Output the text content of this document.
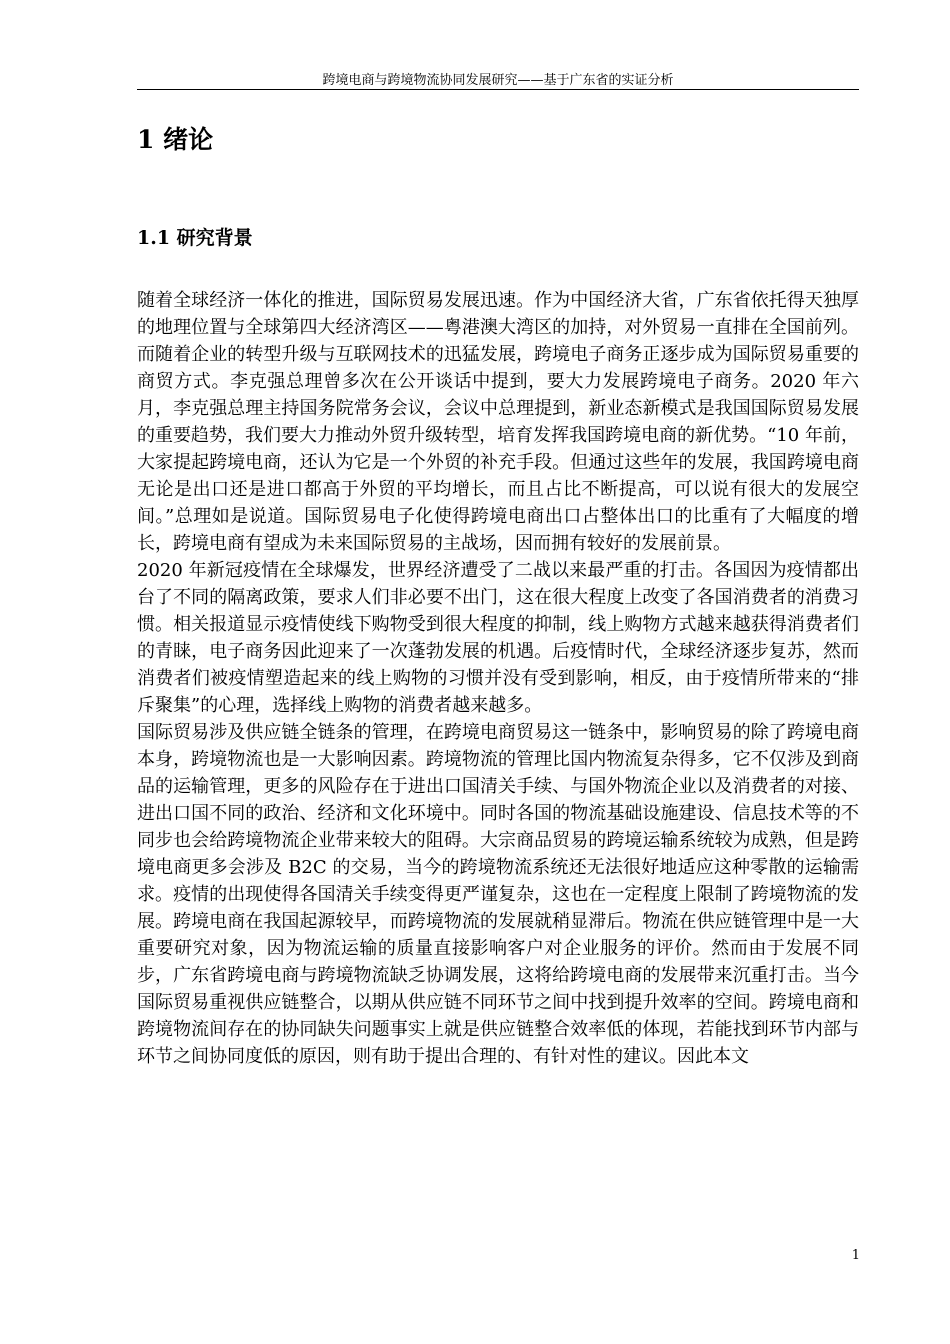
跨境电商与跨境物流协同发展研究——基于广东省的实证分析
1 绪论
1.1 研究背景

随着全球经济一体化的推进，国际贸易发展迅速。作为中国经济大省，广东省依托得天独厚的地理位置与全球第四大经济湾区——粤港澳大湾区的加持，对外贸易一直排在全国前列。而随着企业的转型升级与互联网技术的迅猛发展，跨境电子商务正逐步成为国际贸易重要的商贸方式。李克强总理曾多次在公开谈话中提到，要大力发展跨境电子商务。2020 年六月，李克强总理主持国务院常务会议，会议中总理提到，新业态新模式是我国国际贸易发展的重要趋势，我们要大力推动外贸升级转型，培育发挥我国跨境电商的新优势。“10 年前，大家提起跨境电商，还认为它是一个外贸的补充手段。但通过这些年的发展，我国跨境电商无论是出口还是进口都高于外贸的平均增长，而且占比不断提高，可以说有很大的发展空间。”总理如是说道。国际贸易电子化使得跨境电商出口占整体出口的比重有了大幅度的增长，跨境电商有望成为未来国际贸易的主战场，因而拥有较好的发展前景。

2020 年新冠疫情在全球爆发，世界经济遭受了二战以来最严重的打击。各国因为疫情都出台了不同的隔离政策，要求人们非必要不出门，这在很大程度上改变了各国消费者的消费习惯。相关报道显示疫情使线下购物受到很大程度的抑制，线上购物方式越来越获得消费者们的青睐，电子商务因此迎来了一次蓬勃发展的机遇。后疫情时代，全球经济逐步复苏，然而消费者们被疫情塑造起来的线上购物的习惯并没有受到影响，相反，由于疫情所带来的“排斥聚集”的心理，选择线上购物的消费者越来越多。

国际贸易涉及供应链全链条的管理，在跨境电商贸易这一链条中，影响贸易的除了跨境电商本身，跨境物流也是一大影响因素。跨境物流的管理比国内物流复杂得多，它不仅涉及到商品的运输管理，更多的风险存在于进出口国清关手续、与国外物流企业以及消费者的对接、进出口国不同的政治、经济和文化环境中。同时各国的物流基础设施建设、信息技术等的不同步也会给跨境物流企业带来较大的阻碍。大宗商品贸易的跨境运输系统较为成熟，但是跨境电商更多会涉及 B2C 的交易，当今的跨境物流系统还无法很好地适应这种零散的运输需求。疫情的出现使得各国清关手续变得更严谨复杂，这也在一定程度上限制了跨境物流的发展。跨境电商在我国起源较早，而跨境物流的发展就稍显滞后。物流在供应链管理中是一大重要研究对象，因为物流运输的质量直接影响客户对企业服务的评价。然而由于发展不同步，广东省跨境电商与跨境物流缺乏协调发展，这将给跨境电商的发展带来沉重打击。当今国际贸易重视供应链整合，以期从供应链不同环节之间中找到提升效率的空间。跨境电商和跨境物流间存在的协同缺失问题事实上就是供应链整合效率低的体现，若能找到环节内部与环节之间协同度低的原因，则有助于提出合理的、有针对性的建议。因此本文

1
